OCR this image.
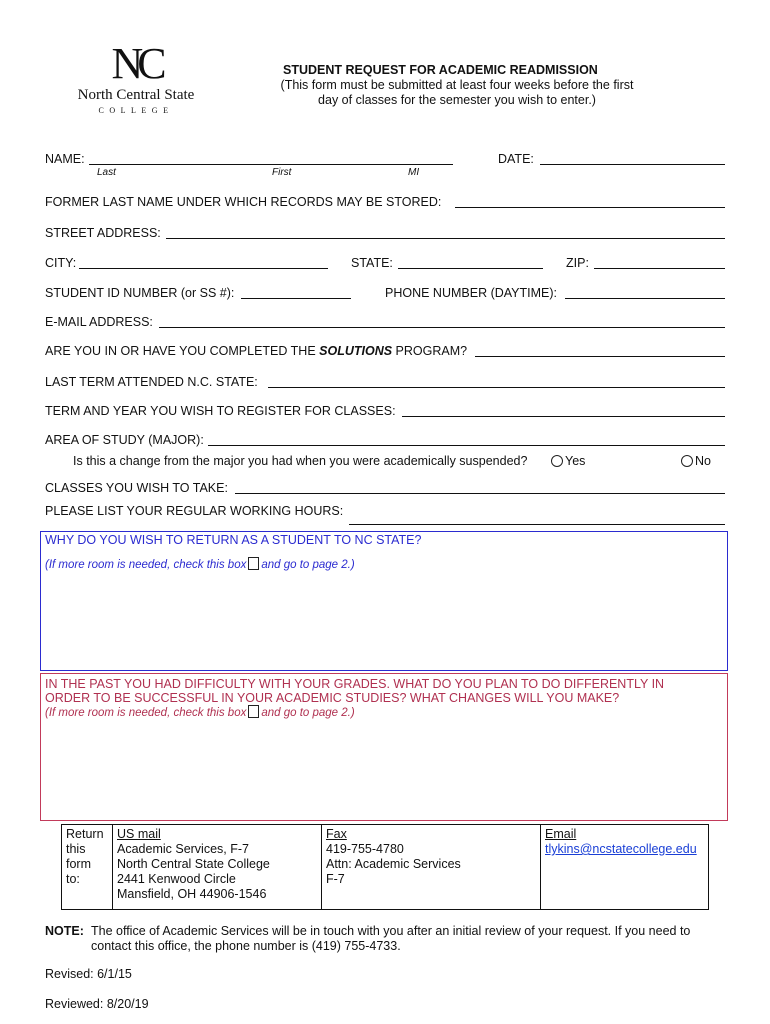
NC
North Central State
COLLEGE
STUDENT REQUEST FOR ACADEMIC READMISSION
(This form must be submitted at least four weeks before the first
day of classes for the semester you wish to enter.)
NAME:
Last	First	MI
DATE:
FORMER LAST NAME UNDER WHICH RECORDS MAY BE STORED:
STREET ADDRESS:
CITY:	STATE:	ZIP:
STUDENT ID NUMBER (or SS #):	PHONE NUMBER (DAYTIME):
E-MAIL ADDRESS:
ARE YOU IN OR HAVE YOU COMPLETED THE SOLUTIONS PROGRAM?
LAST TERM ATTENDED N.C. STATE:
TERM AND YEAR YOU WISH TO REGISTER FOR CLASSES:
AREA OF STUDY (MAJOR):
Is this a change from the major you had when you were academically suspended?	Yes	No
CLASSES YOU WISH TO TAKE:
PLEASE LIST YOUR REGULAR WORKING HOURS:
WHY DO YOU WISH TO RETURN AS A STUDENT TO NC STATE?
(If more room is needed, check this box and go to page 2.)
IN THE PAST YOU HAD DIFFICULTY WITH YOUR GRADES. WHAT DO YOU PLAN TO DO DIFFERENTLY IN
ORDER TO BE SUCCESSFUL IN YOUR ACADEMIC STUDIES? WHAT CHANGES WILL YOU MAKE?
(If more room is needed, check this box and go to page 2.)
Return
this
form
to:

US mail
Academic Services, F-7
North Central State College
2441 Kenwood Circle
Mansfield, OH 44906-1546

Fax
419-755-4780
Attn: Academic Services
F-7

Email
tlykins@ncstatecollege.edu
NOTE: The office of Academic Services will be in touch with you after an initial review of your request. If you need to
contact this office, the phone number is (419) 755-4733.
Revised: 6/1/15
Reviewed: 8/20/19
